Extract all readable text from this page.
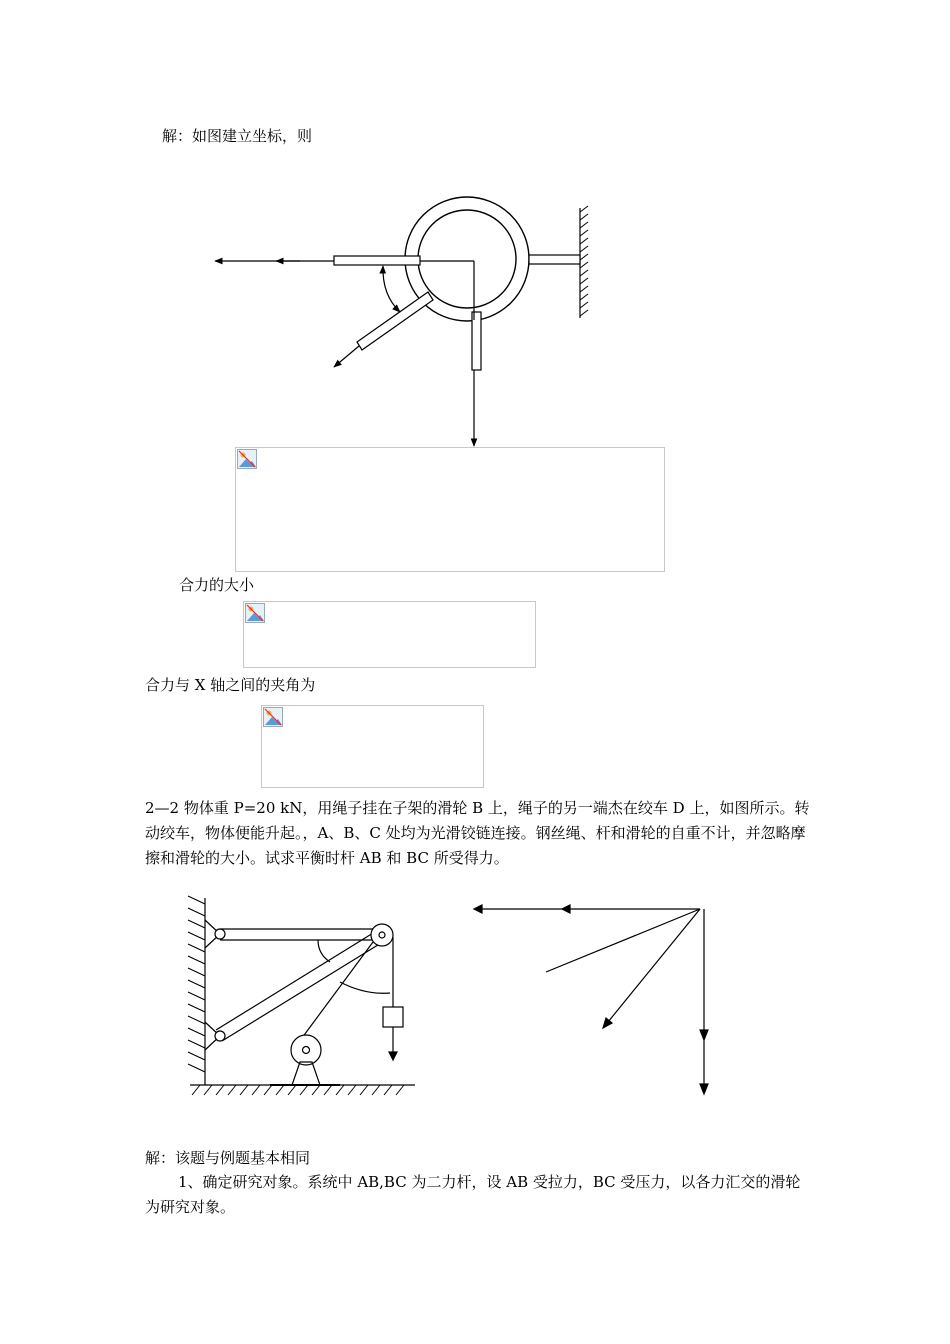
解：如图建立坐标，则
合力的大小
合力与 X 轴之间的夹角为
2—2 物体重 P=20 kN，用绳子挂在子架的滑轮 B 上，绳子的另一端杰在绞车 D 上，如图所示。转动绞车，物体便能升起。，A、B、C 处均为光滑铰链连接。钢丝绳、杆和滑轮的自重不计，并忽略摩擦和滑轮的大小。试求平衡时杆 AB 和 BC 所受得力。
解：该题与例题基本相同
1、确定研究对象。系统中 AB,BC 为二力杆，设 AB 受拉力，BC 受压力，以各力汇交的滑轮为研究对象。
